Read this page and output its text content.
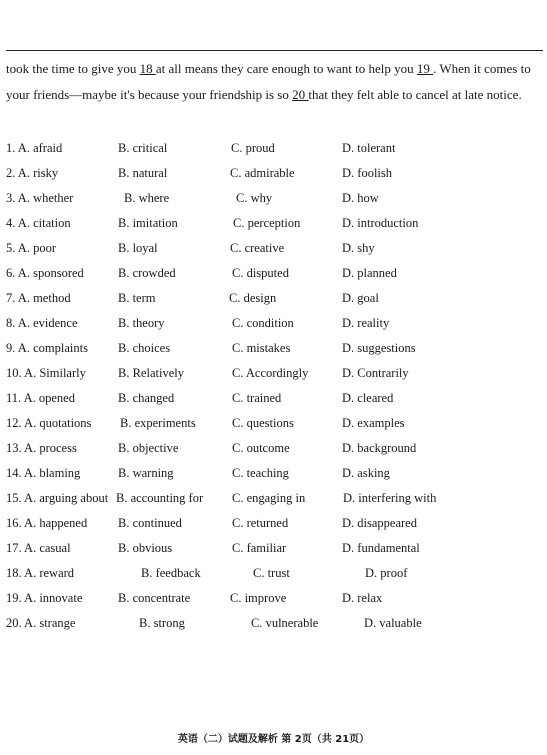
took the time to give you 18 at all means they care enough to want to help you 19 . When it comes to
your friends—maybe it's because your friendship is so 20 that they felt able to cancel at late notice.
1. A. afraid	B. critical	C. proud	D. tolerant
2. A. risky	B. natural	C. admirable	D. foolish
3. A. whether	B. where	C. why	D. how
4. A. citation	B. imitation	C. perception	D. introduction
5. A. poor	B. loyal	C. creative	D. shy
6. A. sponsored	B. crowded	C. disputed	D. planned
7. A. method	B. term	C. design	D. goal
8. A. evidence	B. theory	C. condition	D. reality
9. A. complaints B. choices	C. mistakes	D. suggestions
10. A. Similarly	B. Relatively	C. Accordingly	D. Contrarily
11. A. opened	B. changed	C. trained	D. cleared
12. A. quotations B. experiments	C. questions	D. examples
13. A. process	B. objective	C. outcome	D. background
14. A. blaming	B. warning	C. teaching	D. asking
15. A. arguing about B. accounting for C. engaging in	D. interfering with
16. A. happened B. continued	C. returned	D. disappeared
17. A. casual	B. obvious	C. familiar	D. fundamental
18. A. reward	B. feedback	C. trust	D. proof
19. A. innovate	B. concentrate	C. improve	D. relax
20. A. strange	B. strong	C. vulnerable	D. valuable
英语（二）试题及解析 第 2页（共 21页）
